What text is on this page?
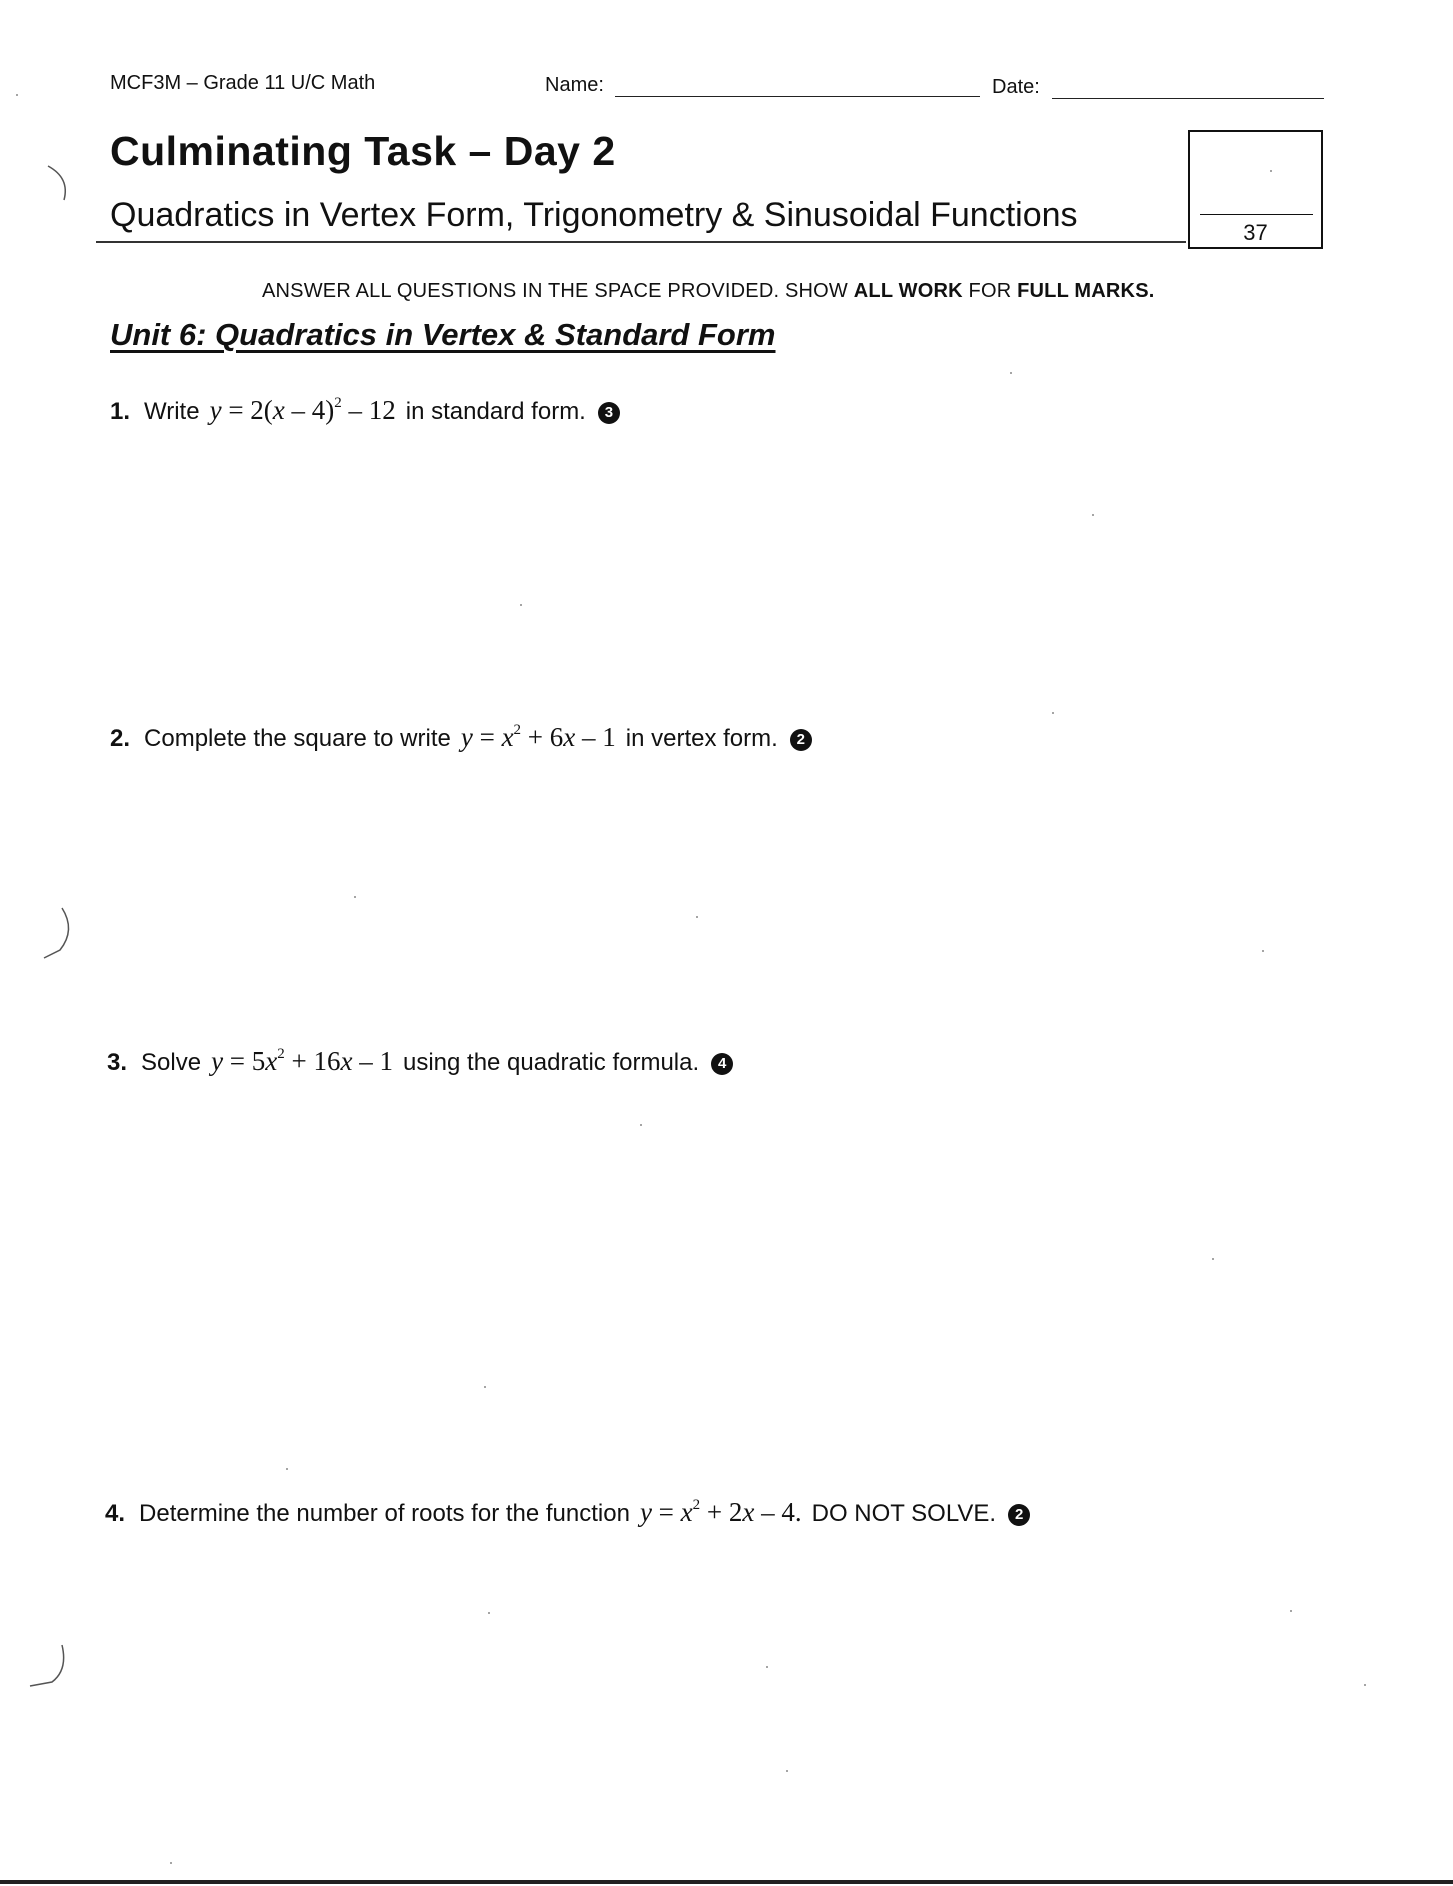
MCF3M – Grade 11 U/C Math	Name:	Date:
Culminating Task – Day 2
Quadratics in Vertex Form, Trigonometry & Sinusoidal Functions	37
ANSWER ALL QUESTIONS IN THE SPACE PROVIDED. SHOW ALL WORK FOR FULL MARKS.
Unit 6: Quadratics in Vertex & Standard Form
1. Write y = 2(x – 4)$^2$ – 12 in standard form. 3
2. Complete the square to write $y = x^2 + 6x - 1$ in vertex form. 2
3. Solve $y = 5x^2 + 16x - 1$ using the quadratic formula. 4
4. Determine the number of roots for the function $y = x^2 + 2x - 4$. DO NOT SOLVE. 2
